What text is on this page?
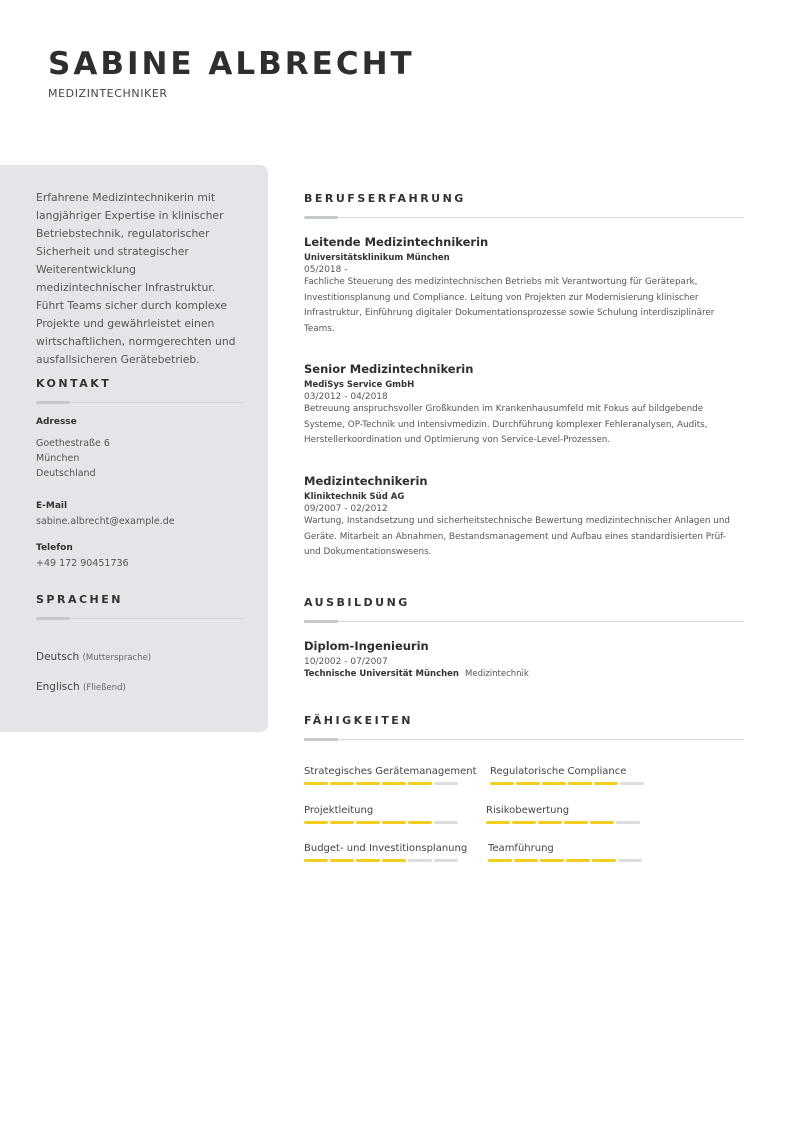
SABINE ALBRECHT
MEDIZINTECHNIKER
Erfahrene Medizintechnikerin mit langjähriger Expertise in klinischer Betriebstechnik, regulatorischer Sicherheit und strategischer Weiterentwicklung medizintechnischer Infrastruktur. Führt Teams sicher durch komplexe Projekte und gewährleistet einen wirtschaftlichen, normgerechten und ausfallsicheren Gerätebetrieb.
KONTAKT
Adresse
Goethestraße 6
München
Deutschland
E-Mail
sabine.albrecht@example.de
Telefon
+49 172 90451736
SPRACHEN
Deutsch (Muttersprache)
Englisch (Fließend)
BERUFSERFAHRUNG
Leitende Medizintechnikerin
Universitätsklinikum München
05/2018 -
Fachliche Steuerung des medizintechnischen Betriebs mit Verantwortung für Gerätepark, Investitionsplanung und Compliance. Leitung von Projekten zur Modernisierung klinischer Infrastruktur, Einführung digitaler Dokumentationsprozesse sowie Schulung interdisziplinärer Teams.
Senior Medizintechnikerin
MediSys Service GmbH
03/2012 - 04/2018
Betreuung anspruchsvoller Großkunden im Krankenhausumfeld mit Fokus auf bildgebende Systeme, OP-Technik und Intensivmedizin. Durchführung komplexer Fehleranalysen, Audits, Herstellerkoordination und Optimierung von Service-Level-Prozessen.
Medizintechnikerin
Kliniktechnik Süd AG
09/2007 - 02/2012
Wartung, Instandsetzung und sicherheitstechnische Bewertung medizintechnischer Anlagen und Geräte. Mitarbeit an Abnahmen, Bestandsmanagement und Aufbau eines standardisierten Prüf- und Dokumentationswesens.
AUSBILDUNG
Diplom-Ingenieurin
10/2002 - 07/2007
Technische Universität München Medizintechnik
FÄHIGKEITEN
Strategisches Gerätemanagement Regulatorische Compliance
Projektleitung	Risikobewertung
Budget- und Investitionsplanung Teamführung
